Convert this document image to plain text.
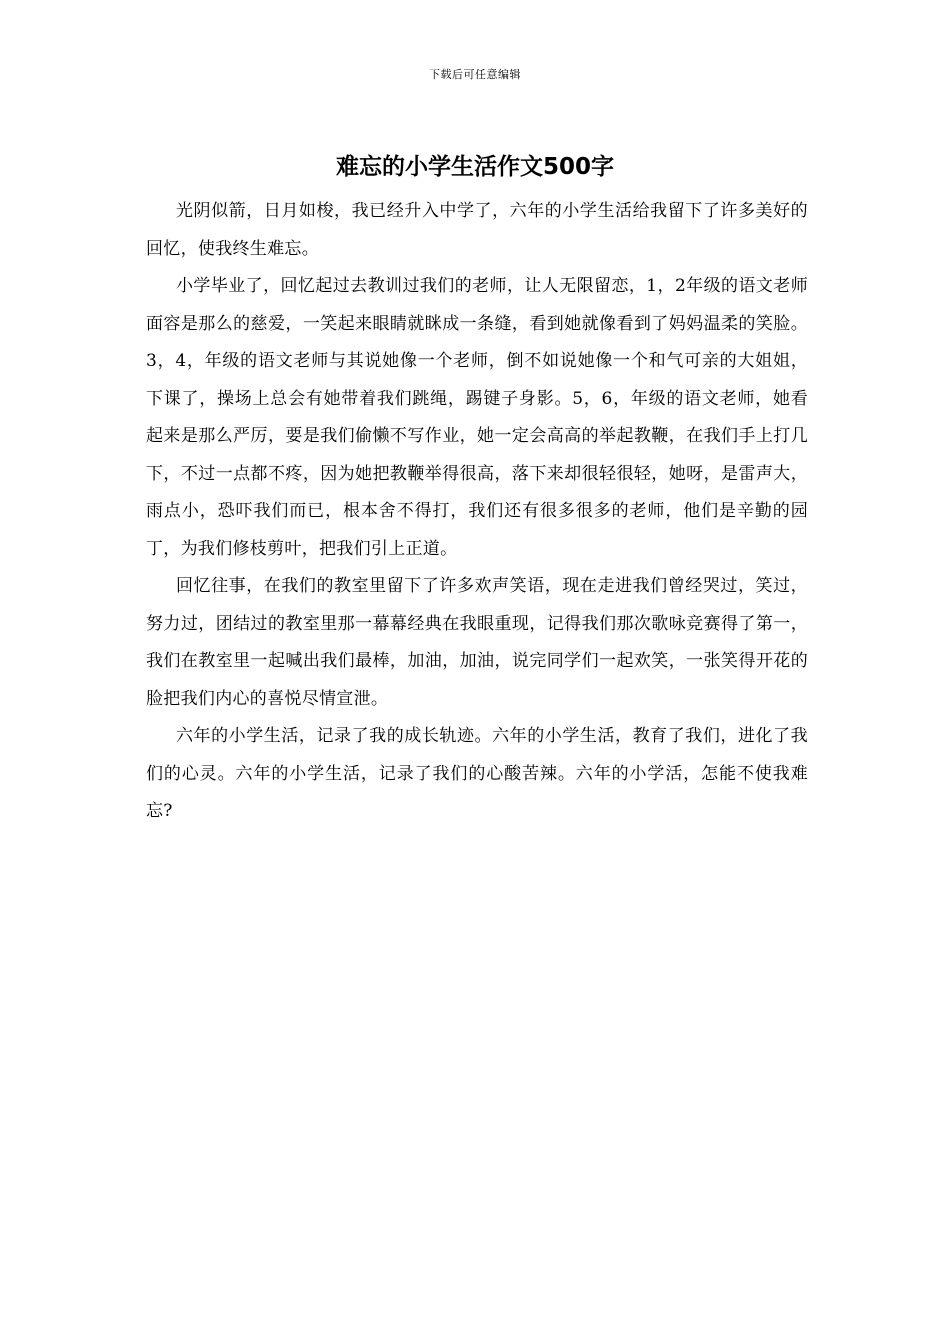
下载后可任意编辑
难忘的小学生活作文500字

光阴似箭，日月如梭，我已经升入中学了，六年的小学生活给我留下了许多美好的回忆，使我终生难忘。

小学毕业了，回忆起过去教训过我们的老师，让人无限留恋，1，2年级的语文老师面容是那么的慈爱，一笑起来眼睛就眯成一条缝，看到她就像看到了妈妈温柔的笑脸。3，4，年级的语文老师与其说她像一个老师，倒不如说她像一个和气可亲的大姐姐，下课了，操场上总会有她带着我们跳绳，踢键子身影。5，6，年级的语文老师，她看起来是那么严厉，要是我们偷懒不写作业，她一定会高高的举起教鞭，在我们手上打几下，不过一点都不疼，因为她把教鞭举得很高，落下来却很轻很轻，她呀，是雷声大，雨点小，恐吓我们而已，根本舍不得打，我们还有很多很多的老师，他们是辛勤的园丁，为我们修枝剪叶，把我们引上正道。

回忆往事，在我们的教室里留下了许多欢声笑语，现在走进我们曾经哭过，笑过，努力过，团结过的教室里那一幕幕经典在我眼重现，记得我们那次歌咏竞赛得了第一，我们在教室里一起喊出我们最棒，加油，加油，说完同学们一起欢笑，一张笑得开花的脸把我们内心的喜悦尽情宣泄。

六年的小学生活，记录了我的成长轨迹。六年的小学生活，教育了我们，进化了我们的心灵。六年的小学生活，记录了我们的心酸苦辣。六年的小学活，怎能不使我难忘?
